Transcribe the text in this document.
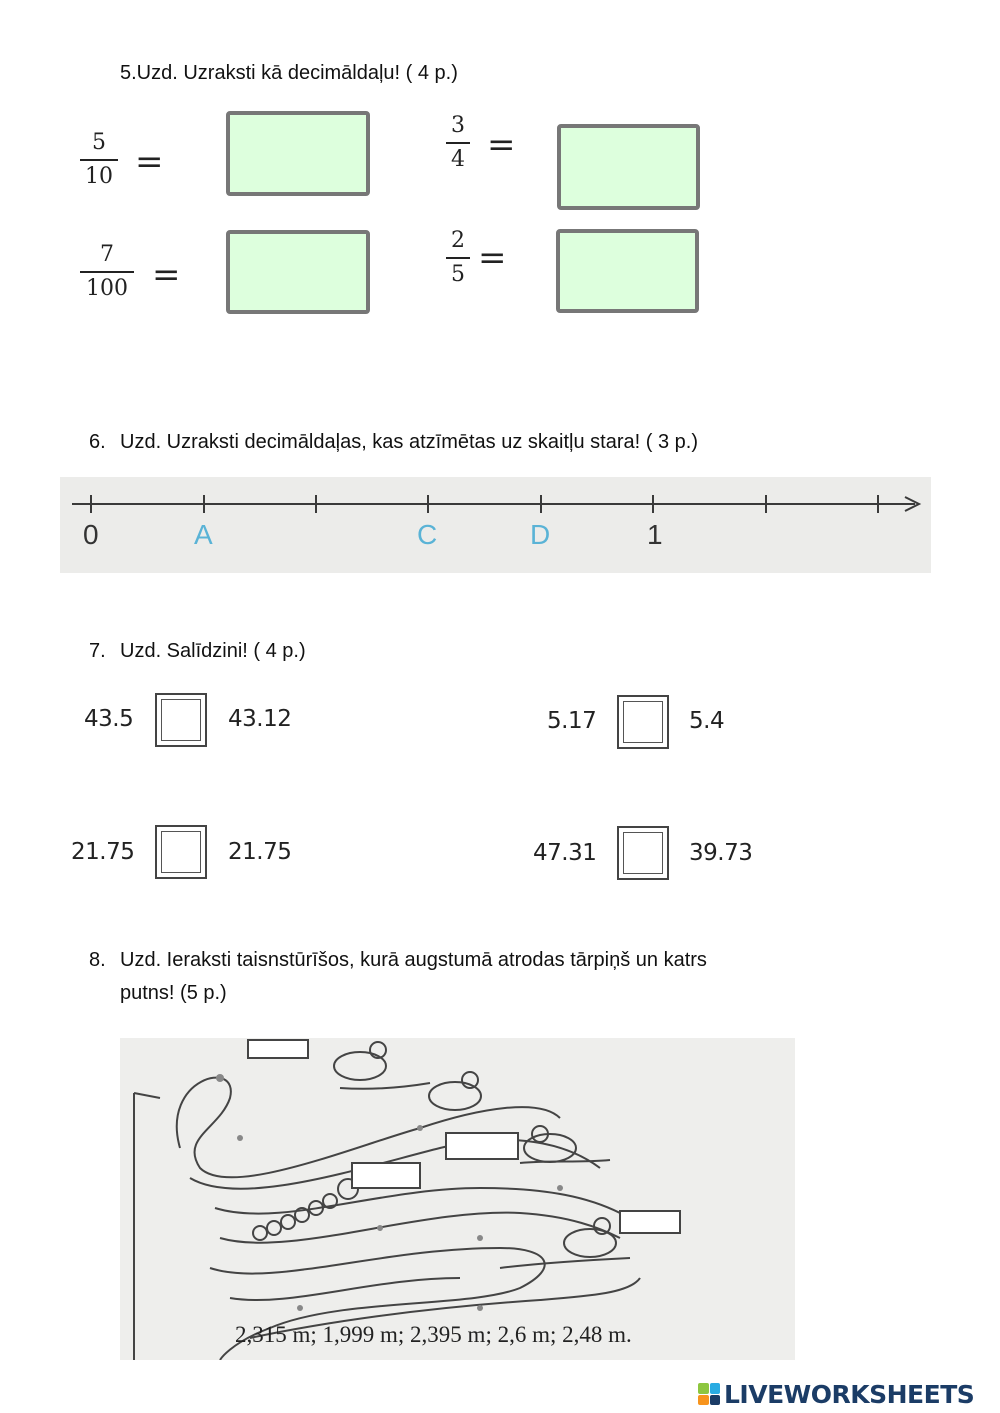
5.Uzd. Uzraksti kā decimāldaļu! ( 4 p.)
5
10 =
3
4 =
7
100 =
2
5 =
6. Uzd. Uzraksti decimāldaļas, kas atzīmētas uz skaitļu stara! ( 3 p.)
0	A	C	D	1
7. Uzd. Salīdzini! ( 4 p.)
43.5	43.12	5.17	5.4
21.75	21.75	47.31	39.73
8. Uzd. Ieraksti taisnstūrīšos, kurā augstumā atrodas tārpiņš un katrs
putns! (5 p.)
2,315 m; 1,999 m; 2,395 m; 2,6 m; 2,48 m.
LIVEWORKSHEETS
